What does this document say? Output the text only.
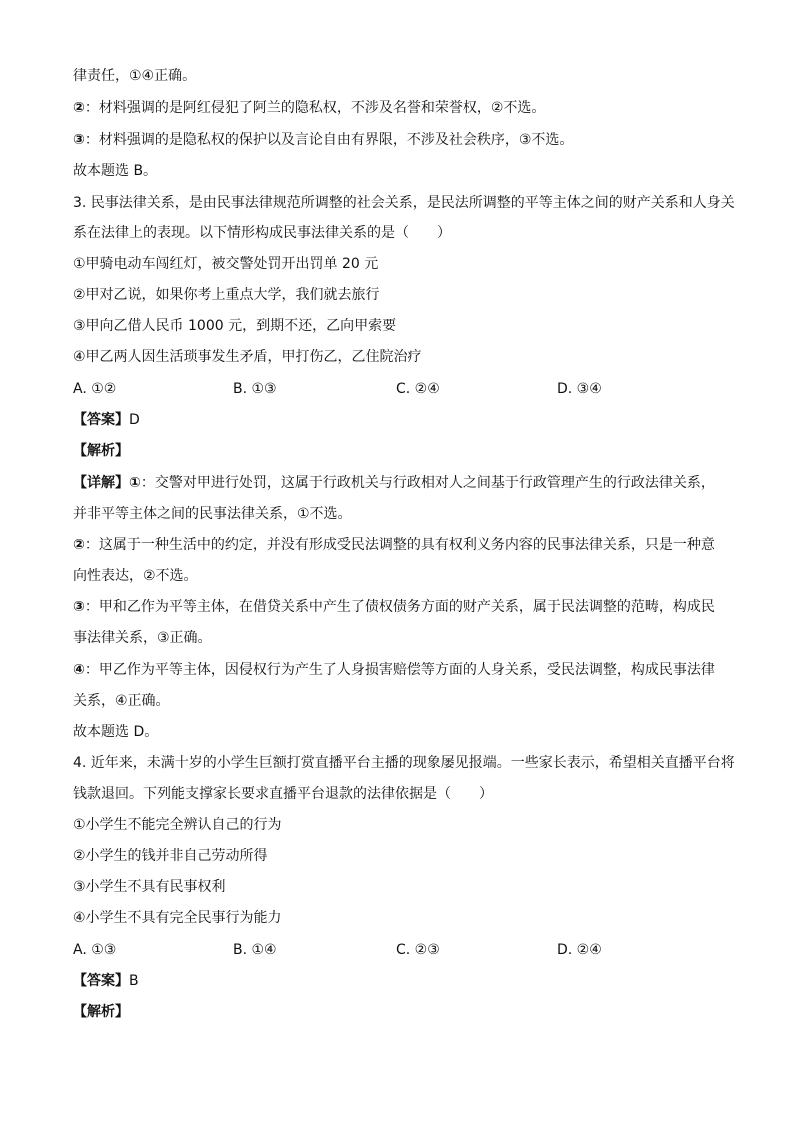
律责任，①④正确。
②：材料强调的是阿红侵犯了阿兰的隐私权，不涉及名誉和荣誉权，②不选。
③：材料强调的是隐私权的保护以及言论自由有界限，不涉及社会秩序，③不选。
故本题选 B。
3. 民事法律关系，是由民事法律规范所调整的社会关系，是民法所调整的平等主体之间的财产关系和人身关
系在法律上的表现。以下情形构成民事法律关系的是（　　）
①甲骑电动车闯红灯，被交警处罚开出罚单 20 元
②甲对乙说，如果你考上重点大学，我们就去旅行
③甲向乙借人民币 1000 元，到期不还，乙向甲索要
④甲乙两人因生活琐事发生矛盾，甲打伤乙，乙住院治疗
A. ①②	B. ①③	C. ②④	D. ③④
【答案】D
【解析】
【详解】①：交警对甲进行处罚，这属于行政机关与行政相对人之间基于行政管理产生的行政法律关系，
并非平等主体之间的民事法律关系，①不选。
②：这属于一种生活中的约定，并没有形成受民法调整的具有权利义务内容的民事法律关系，只是一种意
向性表达，②不选。
③：甲和乙作为平等主体，在借贷关系中产生了债权债务方面的财产关系，属于民法调整的范畴，构成民
事法律关系，③正确。
④：甲乙作为平等主体，因侵权行为产生了人身损害赔偿等方面的人身关系，受民法调整，构成民事法律
关系，④正确。
故本题选 D。
4. 近年来，未满十岁的小学生巨额打赏直播平台主播的现象屡见报端。一些家长表示，希望相关直播平台将
钱款退回。下列能支撑家长要求直播平台退款的法律依据是（　　）
①小学生不能完全辨认自己的行为
②小学生的钱并非自己劳动所得
③小学生不具有民事权利
④小学生不具有完全民事行为能力
A. ①③	B. ①④	C. ②③	D. ②④
【答案】B
【解析】
